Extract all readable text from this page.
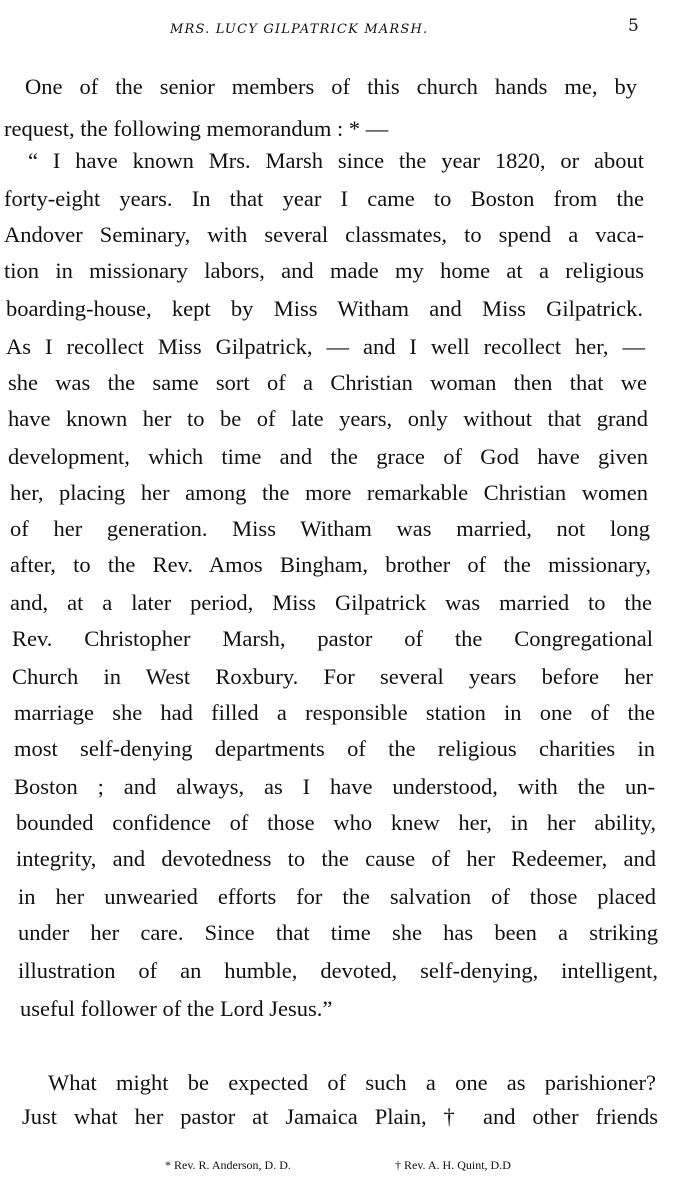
MRS. LUCY GILPATRICK MARSH.	5
One of the senior members of this church hands me, by
request, the following memorandum : * —
“ I have known Mrs. Marsh since the year 1820, or about
forty-eight years. In that year I came to Boston from the
Andover Seminary, with several classmates, to spend a vaca-
tion in missionary labors, and made my home at a religious
boarding-house, kept by Miss Witham and Miss Gilpatrick.
As I recollect Miss Gilpatrick, — and I well recollect her, —
she was the same sort of a Christian woman then that we
have known her to be of late years, only without that grand
development, which time and the grace of God have given
her, placing her among the more remarkable Christian women
of her generation. Miss Witham was married, not long
after, to the Rev. Amos Bingham, brother of the missionary,
and, at a later period, Miss Gilpatrick was married to the
Rev. Christopher Marsh, pastor of the Congregational
Church in West Roxbury. For several years before her
marriage she had filled a responsible station in one of the
most self-denying departments of the religious charities in
Boston ; and always, as I have understood, with the un-
bounded confidence of those who knew her, in her ability,
integrity, and devotedness to the cause of her Redeemer, and
in her unwearied efforts for the salvation of those placed
under her care. Since that time she has been a striking
illustration of an humble, devoted, self-denying, intelligent,
useful follower of the Lord Jesus.”
What might be expected of such a one as parishioner?
Just what her pastor at Jamaica Plain, † and other friends
* Rev. R. Anderson, D. D.	† Rev. A. H. Quint, D.D
